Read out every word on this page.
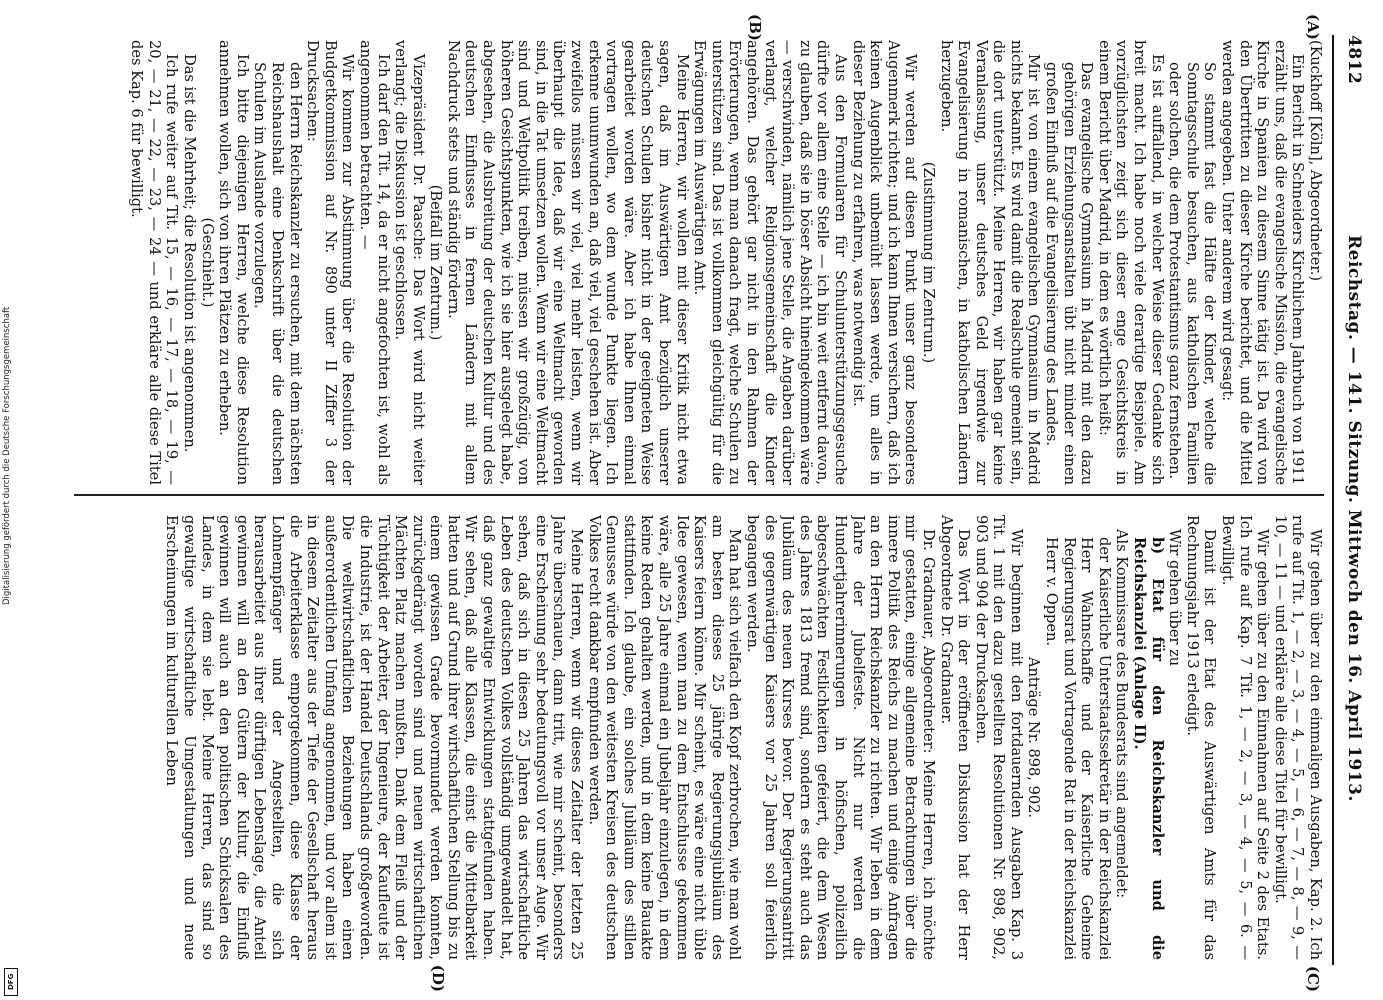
4812
Reichstag. — 141. Sitzung. Mittwoch den 16. April 1913.
(A)
(B)
(C)
(D)

(Kuckhoff [Köln], Abgeordneter.)

Ein Bericht in Schneiders Kirchlichem Jahrbuch von 1911 erzählt uns, daß die evangelische Mission, die evangelische Kirche in Spanien zu diesem Sinne tätig ist. Da wird von den Übertritten zu dieser Kirche berichtet, und die Mittel werden angegeben. Unter anderem wird gesagt:

So stammt fast die Hälfte der Kinder, welche die Sonntagsschule besuchen, aus katholischen Familien oder solchen, die dem Protestantismus ganz fernstehen.

Es ist auffallend, in welcher Weise dieser Gedanke sich breit macht. Ich habe noch viele derartige Beispiele. Am vorzüglichsten zeigt sich dieser enge Gesichtskreis in einem Bericht über Madrid, in dem es wörtlich heißt:

Das evangelische Gymnasium in Madrid mit den dazu gehörigen Erziehungsanstalten übt nicht minder einen großen Einfluß auf die Evangelisierung des Landes.

Mir ist von einem evangelischen Gymnasium in Madrid nichts bekannt. Es wird damit die Realschule gemeint sein, die dort unterstützt. Meine Herren, wir haben gar keine Veranlassung, unser deutsches Geld irgendwie zur Evangelisierung in romanischen, in katholischen Ländern herzugeben.

(Zustimmung im Zentrum.)

Wir werden auf diesen Punkt unser ganz besonderes Augenmerk richten; und ich kann Ihnen versichern, daß ich keinen Augenblick unbemüht lassen werde, um alles in dieser Beziehung zu erfahren, was notwendig ist.

Aus den Formularen für Schulunterstützungsgesuche dürfte vor allem eine Stelle — ich bin weit entfernt davon, zu glauben, daß sie in böser Absicht hineingekommen wäre — verschwinden, nämlich jene Stelle, die Angaben darüber verlangt, welcher Religionsgemeinschaft die Kinder angehören. Das gehört gar nicht in den Rahmen der Erörterungen, wenn man danach fragt, welche Schulen zu unterstützen sind. Das ist vollkommen gleichgültig für die Erwägungen im Auswärtigen Amt.

Meine Herren, wir wollen mit dieser Kritik nicht etwa sagen, daß im Auswärtigen Amt bezüglich unserer deutschen Schulen bisher nicht in der geeigneten Weise gearbeitet worden wäre. Aber ich habe Ihnen einmal vortragen wollen, wo dem wunde Punkte liegen. Ich erkenne unumwunden an, daß viel, viel geschehen ist. Aber zweifellos müssen wir viel, viel mehr leisten, wenn wir überhaupt die Idee, daß wir eine Weltmacht geworden sind, in die Tat umsetzen wollen. Wenn wir eine Weltmacht sind und Weltpolitik treiben, müssen wir großzügig, von höheren Gesichtspunkten, wie ich sie hier ausgelegt habe, abgesehen, die Ausbreitung der deutschen Kultur und des deutschen Einflusses in fernen Ländern mit allem Nachdruck stets und ständig fördern.

(Beifall im Zentrum.)

Vizepräsident Dr. Paasche: Das Wort wird nicht weiter verlangt; die Diskussion ist geschlossen.

Ich darf den Tit. 14, da er nicht angefochten ist, wohl als angenommen betrachten. —

Wir kommen zur Abstimmung über die Resolution der Budgetkommission auf Nr. 890 unter II Ziffer 3 der Drucksachen:

den Herrn Reichskanzler zu ersuchen, mit dem nächsten Reichshaushalt eine Denkschrift über die deutschen Schulen im Auslande vorzulegen.

Ich bitte diejenigen Herren, welche diese Resolution annehmen wollen, sich von ihren Plätzen zu erheben.

(Geschieht.)

Das ist die Mehrheit; die Resolution ist angenommen.

Ich rufe weiter auf Tit. 15, — 16, — 17, — 18, — 19, — 20, — 21, — 22, — 23, — 24 — und erkläre alle diese Titel des Kap. 6 für bewilligt.

Wir gehen über zu den einmaligen Ausgaben, Kap. 2. Ich rufe auf Tit. 1, — 2, — 3, — 4, — 5, — 6, — 7, — 8, — 9, — 10, — 11 — und erkläre alle diese Titel für bewilligt.

Wir gehen über zu den Einnahmen auf Seite 2 des Etats. Ich rufe auf Kap. 7 Tit. 1, — 2, — 3, — 4, — 5, — 6. — Bewilligt.

Damit ist der Etat des Auswärtigen Amts für das Rechnungsjahr 1913 erledigt.

Wir gehen über zu

b) Etat für den Reichskanzler und die Reichskanzlei (Anlage II).

Als Kommissare des Bundesrats sind angemeldet:

der Kaiserliche Unterstaatssekretär in der Reichskanzlei Herr Wahnschaffe und der Kaiserliche Geheime Regierungsrat und Vortragende Rat in der Reichskanzlei Herr v. Oppen.

Anträge Nr. 898, 902.

Wir beginnen mit den fortdauernden Ausgaben Kap. 3 Tit. 1 mit den dazu gestellten Resolutionen Nr. 898, 902, 903 und 904 der Drucksachen.

Das Wort in der eröffneten Diskussion hat der Herr Abgeordnete Dr. Gradnauer.

Dr. Gradnauer, Abgeordneter: Meine Herren, ich möchte mir gestatten, einige allgemeine Betrachtungen über die innere Politik des Reichs zu machen und einige Anfragen an den Herrn Reichskanzler zu richten. Wir leben in dem Jahre der Jubelfeste. Nicht nur werden die Hundertjahrerinnerungen in höfischen, polizeilich abgeschwächten Festlichkeiten gefeiert, die dem Wesen des Jahres 1813 fremd sind, sondern es steht auch das Jubiläum des neuen Kurses bevor. Der Regierungsantritt des gegenwärtigen Kaisers vor 25 Jahren soll feierlich begangen werden.

Man hat sich vielfach den Kopf zerbrochen, wie man wohl am besten dieses 25 jährige Regierungsjubiläum des Kaisers feiern könne. Mir scheint, es wäre eine nicht üble Idee gewesen, wenn man zu dem Entschlusse gekommen wäre, alle 25 Jahre einmal ein Jubeljahr einzulegen, in dem keine Reden gehalten werden, und in dem keine Bauakte stattfinden. Ich glaube, ein solches Jubiläum des stillen Genusses würde von den weitesten Kreisen des deutschen Volkes recht dankbar empfunden werden.

Meine Herren, wenn wir dieses Zeitalter der letzten 25 Jahre überschauen, dann tritt, wie mir scheint, besonders eine Erscheinung sehr bedeutungsvoll vor unser Auge. Wir sehen, daß sich in diesen 25 Jahren das wirtschaftliche Leben des deutschen Volkes vollständig umgewandelt hat, daß ganz gewaltige Entwicklungen stattgefunden haben. Wir sehen, daß alle Klassen, die einst die Mittelbarkeit hatten und auf Grund ihrer wirtschaftlichen Stellung bis zu einem gewissen Grade bevormundet werden konnten, zurückgedrängt worden sind und neuen wirtschaftlichen Mächten Platz machen mußten. Dank dem Fleiß und der Tüchtigkeit der Arbeiter, der Ingenieure, der Kaufleute ist die Industrie, ist der Handel Deutschlands großgeworden. Die weltwirtschaftlichen Beziehungen haben einen außerordentlichen Umfang angenommen, und vor allem ist in diesem Zeitalter aus der Tiefe der Gesellschaft heraus die Arbeiterklasse emporgekommen, diese Klasse der Lohnempfänger und der Angestellten, die sich herausarbeitet aus ihrer dürftigen Lebenslage, die Anteil gewinnen will an den Gütern der Kultur, die Einfluß gewinnen will auch an den politischen Schicksalen des Landes, in dem sie lebt. Meine Herren, das sind so gewaltige wirtschaftliche Umgestaltungen und neue Erscheinungen im kulturellen Leben

Digitalisierung gefördert durch die Deutsche Forschungsgemeinschaft
DFG
